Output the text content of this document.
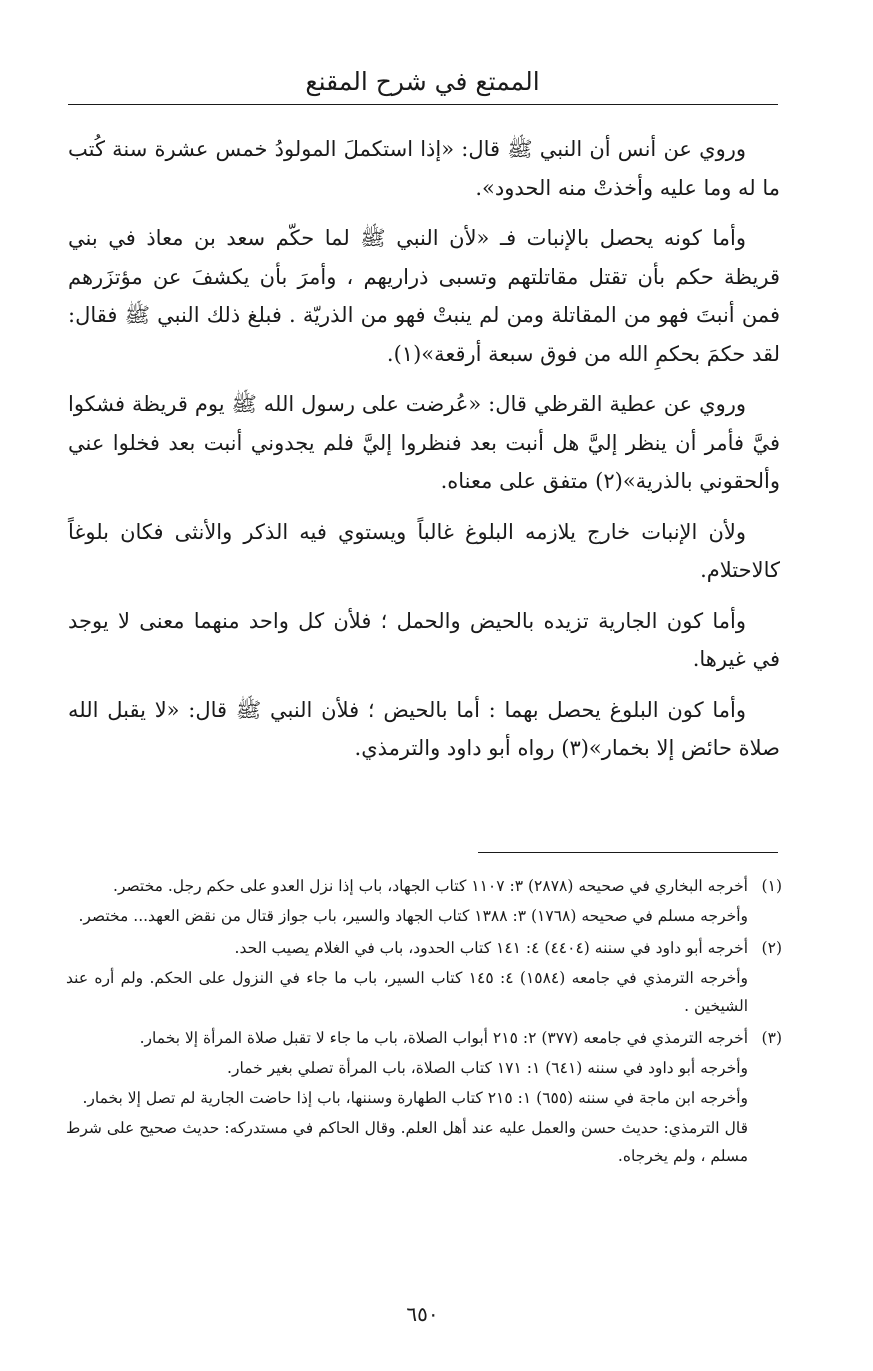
الممتع في شرح المقنع

وروي عن أنس أن النبي ﷺ قال: «إذا استكملَ المولودُ خمس عشرة سنة كُتب ما له وما عليه وأخذتْ منه الحدود».

وأما كونه يحصل بالإنبات فـ «لأن النبي ﷺ لما حكّم سعد بن معاذ في بني قريظة حكم بأن تقتل مقاتلتهم وتسبى ذراريهم ، وأمرَ بأن يكشفَ عن مؤتزَرهم فمن أنبتَ فهو من المقاتلة ومن لم ينبتْ فهو من الذريّة . فبلغ ذلك النبي ﷺ فقال: لقد حكمَ بحكمِ الله من فوق سبعة أرقعة»(١).

وروي عن عطية القرظي قال: «عُرضت على رسول الله ﷺ يوم قريظة فشكوا فيَّ فأمر أن ينظر إليَّ هل أنبت بعد فنظروا إليَّ فلم يجدوني أنبت بعد فخلوا عني وألحقوني بالذرية»(٢) متفق على معناه.

ولأن الإنبات خارج يلازمه البلوغ غالباً ويستوي فيه الذكر والأنثى فكان بلوغاً كالاحتلام.

وأما كون الجارية تزيده بالحيض والحمل ؛ فلأن كل واحد منهما معنى لا يوجد في غيرها.

وأما كون البلوغ يحصل بهما : أما بالحيض ؛ فلأن النبي ﷺ قال: «لا يقبل الله صلاة حائض إلا بخمار»(٣) رواه أبو داود والترمذي.

(١)
أخرجه البخاري في صحيحه (٢٨٧٨) ٣: ١١٠٧ كتاب الجهاد، باب إذا نزل العدو على حكم رجل. مختصر.
وأخرجه مسلم في صحيحه (١٧٦٨) ٣: ١٣٨٨ كتاب الجهاد والسير، باب جواز قتال من نقض العهد... مختصر.
(٢)
أخرجه أبو داود في سننه (٤٤٠٤) ٤: ١٤١ كتاب الحدود، باب في الغلام يصيب الحد.
وأخرجه الترمذي في جامعه (١٥٨٤) ٤: ١٤٥ كتاب السير، باب ما جاء في النزول على الحكم. ولم أره عند الشيخين .
(٣)
أخرجه الترمذي في جامعه (٣٧٧) ٢: ٢١٥ أبواب الصلاة، باب ما جاء لا تقبل صلاة المرأة إلا بخمار.
وأخرجه أبو داود في سننه (٦٤١) ١: ١٧١ كتاب الصلاة، باب المرأة تصلي بغير خمار.
وأخرجه ابن ماجة في سننه (٦٥٥) ١: ٢١٥ كتاب الطهارة وسننها، باب إذا حاضت الجارية لم تصل إلا بخمار.
قال الترمذي: حديث حسن والعمل عليه عند أهل العلم. وقال الحاكم في مستدركه: حديث صحيح على شرط مسلم ، ولم يخرجاه.
٦٥٠
